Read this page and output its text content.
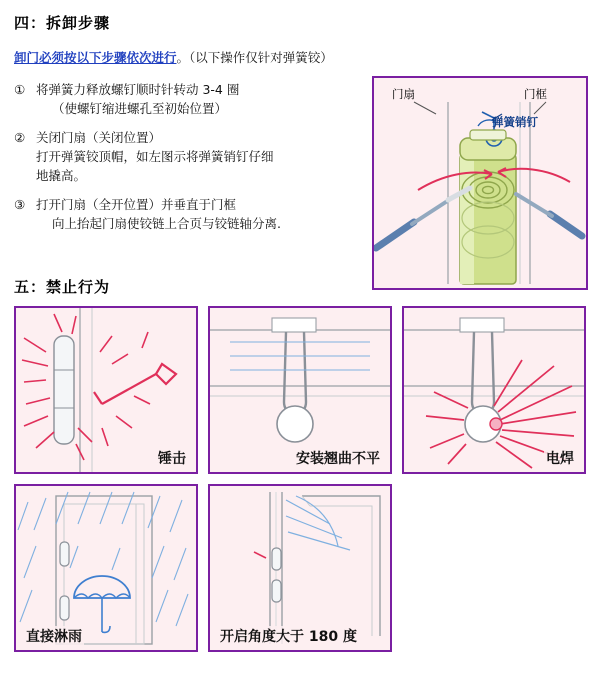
四：拆卸步骤
卸门必须按以下步骤依次进行。（以下操作仅针对弹簧铰）
① 将弹簧力释放螺钉顺时针转动 3-4 圈
（使螺钉缩进螺孔至初始位置）
② 关闭门扇（关闭位置）
打开弹簧铰顶帽，如左图示将弹簧销钉仔细
地撬高。
③ 打开门扇（全开位置）并垂直于门框
向上抬起门扇使铰链上合页与铰链轴分离.
门扇	门框
弹簧销钉
五：禁止行为
锤击	安装翘曲不平	电焊
直接淋雨	开启角度大于 180 度
